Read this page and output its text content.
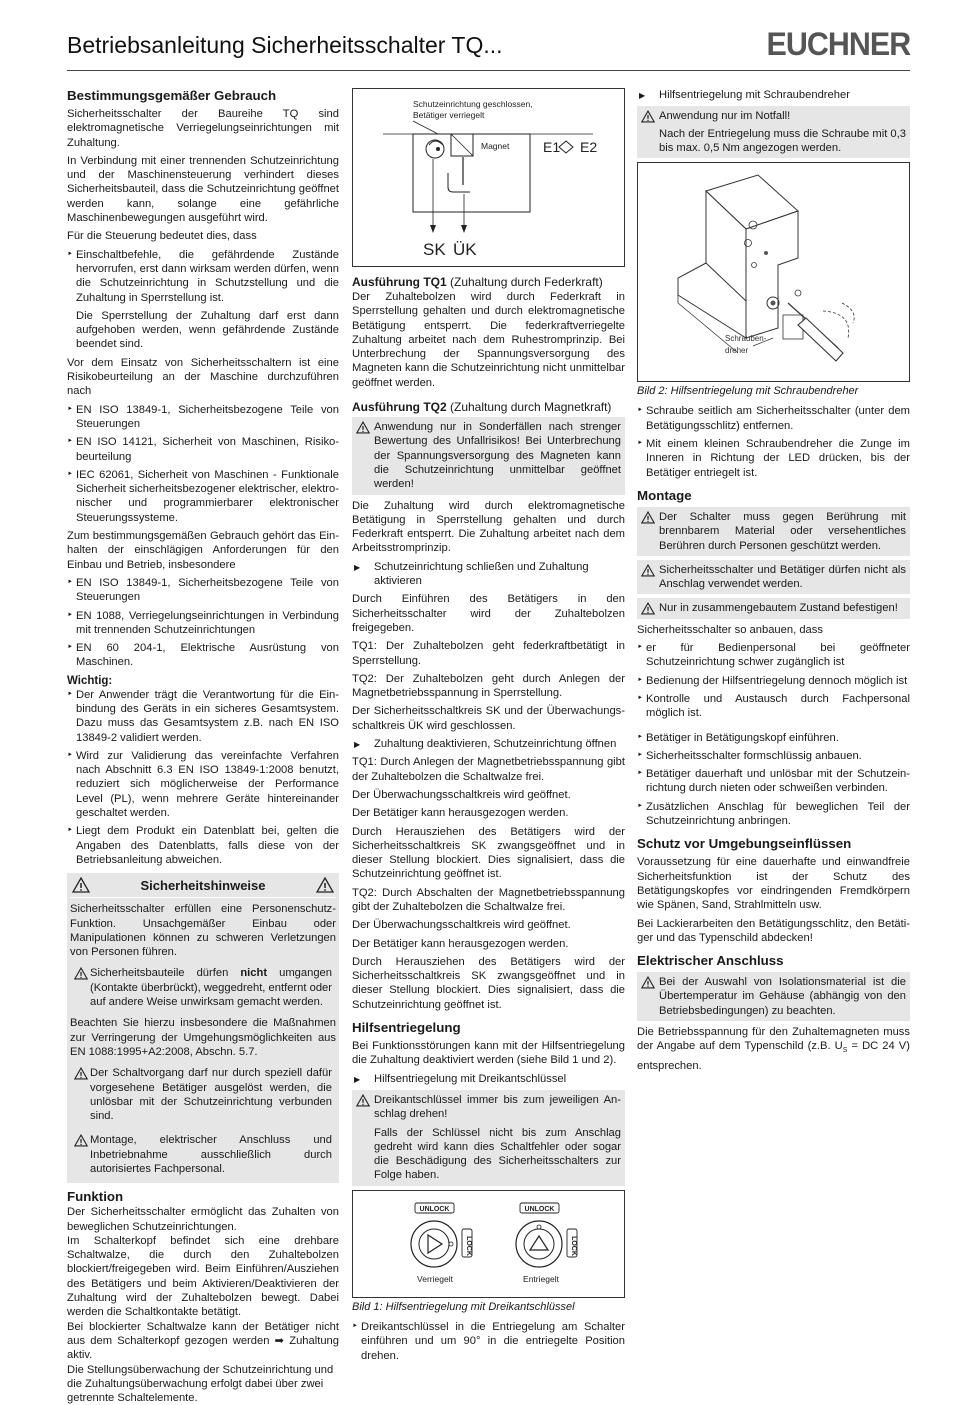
Betriebsanleitung Sicherheitsschalter TQ...	EUCHNER
Bestimmungsgemäßer Gebrauch

Sicherheitsschalter der Baureihe TQ sind elektromagnetische Verriegelungseinrichtungen mit Zuhaltung.

In Verbindung mit einer trennenden Schutzeinrichtung und der Maschinensteuerung verhindert dieses Sicherheitsbauteil, dass die Schutzeinrichtung geöffnet werden kann, solange eine gefährliche Maschinenbewegungen ausgeführt wird.

Für die Steuerung bedeutet dies, dass

‣ Einschaltbefehle, die gefährdende Zustände hervorrufen, erst dann wirksam werden dürfen, wenn die Schutzeinrichtung in Schutzstellung und die Zuhaltung in Sperrstellung ist.
Die Sperrstellung der Zuhaltung darf erst dann aufgehoben werden, wenn gefährdende Zustände beendet sind.

Vor dem Einsatz von Sicherheitsschaltern ist eine Risikobeurteilung an der Maschine durchzuführen nach

‣ EN ISO 13849-1, Sicherheitsbezogene Teile von Steuerungen
‣ EN ISO 14121, Sicherheit von Maschinen, Risikobeurteilung
‣ IEC 62061, Sicherheit von Maschinen - Funktionale Sicherheit sicherheitsbezogener elektrischer, elektronischer und programmierbarer elektronischer Steuerungssysteme.

Zum bestimmungsgemäßen Gebrauch gehört das Einhalten der einschlägigen Anforderungen für den Einbau und Betrieb, insbesondere

‣ EN ISO 13849-1, Sicherheitsbezogene Teile von Steuerungen
‣ EN 1088, Verriegelungseinrichtungen in Verbindung mit trennenden Schutzeinrichtungen
‣ EN 60 204-1, Elektrische Ausrüstung von Maschinen.
Wichtig:
‣ Der Anwender trägt die Verantwortung für die Einbindung des Geräts in ein sicheres Gesamtsystem. Dazu muss das Gesamtsystem z.B. nach EN ISO 13849-2 validiert werden.
‣ Wird zur Validierung das vereinfachte Verfahren nach Abschnitt 6.3 EN ISO 13849-1:2008 benutzt, reduziert sich möglicherweise der Performance Level (PL), wenn mehrere Geräte hintereinander geschaltet werden.
‣ Liegt dem Produkt ein Datenblatt bei, gelten die Angaben des Datenblatts, falls diese von der Betriebsanleitung abweichen.
Sicherheitshinweise

Sicherheitsschalter erfüllen eine Personenschutz-Funktion. Unsachgemäßer Einbau oder Manipulationen können zu schweren Verletzungen von Personen führen.

Sicherheitsbauteile dürfen nicht umgangen (Kontakte überbrückt), weggedreht, entfernt oder auf andere Weise unwirksam gemacht werden.

Beachten Sie hierzu insbesondere die Maßnahmen zur Verringerung der Umgehungsmöglichkeiten aus EN 1088:1995+A2:2008, Abschn. 5.7.

Der Schaltvorgang darf nur durch speziell dafür vorgesehene Betätiger ausgelöst werden, die unlösbar mit der Schutzeinrichtung verbunden sind.
Montage, elektrischer Anschluss und Inbetriebnahme ausschließlich durch autorisiertes Fachpersonal.
Funktion

Der Sicherheitsschalter ermöglicht das Zuhalten von beweglichen Schutzeinrichtungen.

Im Schalterkopf befindet sich eine drehbare Schaltwalze, die durch den Zuhaltebolzen blockiert/freigegeben wird. Beim Einführen/Ausziehen des Betätigers und beim Aktivieren/Deaktivieren der Zuhaltung wird der Zuhaltebolzen bewegt. Dabei werden die Schaltkontakte betätigt.

Bei blockierter Schaltwalze kann der Betätiger nicht aus dem Schalterkopf gezogen werden ➡ Zuhaltung aktiv.

Die Stellungsüberwachung der Schutzeinrichtung und die Zuhaltungsüberwachung erfolgt dabei über zwei getrennte Schaltelemente.

Schutzeinrichtung geschlossen,
Betätiger verriegelt
Magnet E1 E2
SK ÜK
Ausführung TQ1 (Zuhaltung durch Federkraft)

Der Zuhaltebolzen wird durch Federkraft in Sperrstellung gehalten und durch elektromagnetische Betätigung entsperrt. Die federkraftverriegelte Zuhaltung arbeitet nach dem Ruhestromprinzip. Bei Unterbrechung der Spannungsversorgung des Magneten kann die Schutzeinrichtung nicht unmittelbar geöffnet werden.

Ausführung TQ2 (Zuhaltung durch Magnetkraft)
Anwendung nur in Sonderfällen nach strenger Bewertung des Unfallrisikos! Bei Unterbrechung der Spannungsversorgung des Magneten kann die Schutzeinrichtung unmittelbar geöffnet werden!

Die Zuhaltung wird durch elektromagnetische Betätigung in Sperrstellung gehalten und durch Federkraft entsperrt. Die Zuhaltung arbeitet nach dem Arbeitsstromprinzip.

▶ Schutzeinrichtung schließen und Zuhaltung aktivieren

Durch Einführen des Betätigers in den Sicherheitsschalter wird der Zuhaltebolzen freigegeben.

TQ1: Der Zuhaltebolzen geht federkraftbetätigt in Sperrstellung.

TQ2: Der Zuhaltebolzen geht durch Anlegen der Magnetbetriebsspannung in Sperrstellung.

Der Sicherheitsschaltkreis SK und der Überwachungsschaltkreis ÜK wird geschlossen.

▶ Zuhaltung deaktivieren, Schutzeinrichtung öffnen

TQ1: Durch Anlegen der Magnetbetriebsspannung gibt der Zuhaltebolzen die Schaltwalze frei.

Der Überwachungsschaltkreis wird geöffnet.

Der Betätiger kann herausgezogen werden.

Durch Herausziehen des Betätigers wird der Sicherheitsschaltkreis SK zwangsgeöffnet und in dieser Stellung blockiert. Dies signalisiert, dass die Schutzeinrichtung geöffnet ist.

TQ2: Durch Abschalten der Magnetbetriebsspannung gibt der Zuhaltebolzen die Schaltwalze frei.

Der Überwachungsschaltkreis wird geöffnet.

Der Betätiger kann herausgezogen werden.

Durch Herausziehen des Betätigers wird der Sicherheitsschaltkreis SK zwangsgeöffnet und in dieser Stellung blockiert. Dies signalisiert, dass die Schutzeinrichtung geöffnet ist.

Hilfsentriegelung

Bei Funktionsstörungen kann mit der Hilfsentriegelung die Zuhaltung deaktiviert werden (siehe Bild 1 und 2).

▶ Hilfsentriegelung mit Dreikantschlüssel
Dreikantschlüssel immer bis zum jeweiligen Anschlag drehen!
Falls der Schlüssel nicht bis zum Anschlag gedreht wird kann dies Schaltfehler oder sogar die Beschädigung des Sicherheitsschalters zur Folge haben.
UNLOCK
LOCK
Verriegelt
UNLOCK
LOCK
Entriegelt
Bild 1: Hilfsentriegelung mit Dreikantschlüssel
‣ Dreikantschlüssel in die Entriegelung am Schalter einführen und um 90° in die entriegelte Position drehen.
▶ Hilfsentriegelung mit Schraubendreher
Anwendung nur im Notfall!
Nach der Entriegelung muss die Schraube mit 0,3 bis max. 0,5 Nm angezogen werden.
Schrauben-
dreher
Bild 2: Hilfsentriegelung mit Schraubendreher
‣ Schraube seitlich am Sicherheitsschalter (unter dem Betätigungsschlitz) entfernen.
‣ Mit einem kleinen Schraubendreher die Zunge im Inneren in Richtung der LED drücken, bis der Betätiger entriegelt ist.
Montage
Der Schalter muss gegen Berührung mit brennbarem Material oder versehentliches Berühren durch Personen geschützt werden.
Sicherheitsschalter und Betätiger dürfen nicht als Anschlag verwendet werden.
Nur in zusammengebautem Zustand befestigen!

Sicherheitsschalter so anbauen, dass

‣ er für Bedienpersonal bei geöffneter Schutzeinrichtung schwer zugänglich ist
‣ Bedienung der Hilfsentriegelung dennoch möglich ist
‣ Kontrolle und Austausch durch Fachpersonal möglich ist.
‣ Betätiger in Betätigungskopf einführen.
‣ Sicherheitsschalter formschlüssig anbauen.
‣ Betätiger dauerhaft und unlösbar mit der Schutzeinrichtung durch nieten oder schweißen verbinden.
‣ Zusätzlichen Anschlag für beweglichen Teil der Schutzeinrichtung anbringen.
Schutz vor Umgebungseinflüssen

Voraussetzung für eine dauerhafte und einwandfreie Sicherheitsfunktion ist der Schutz des Betätigungskopfes vor eindringenden Fremdkörpern wie Spänen, Sand, Strahlmitteln usw.

Bei Lackierarbeiten den Betätigungsschlitz, den Betätiger und das Typenschild abdecken!

Elektrischer Anschluss
Bei der Auswahl von Isolationsmaterial ist die Übertemperatur im Gehäuse (abhängig von den Betriebsbedingungen) zu beachten.

Die Betriebsspannung für den Zuhaltemagneten muss der Angabe auf dem Typenschild (z.B. $U_S$ = DC 24 V) entsprechen.
